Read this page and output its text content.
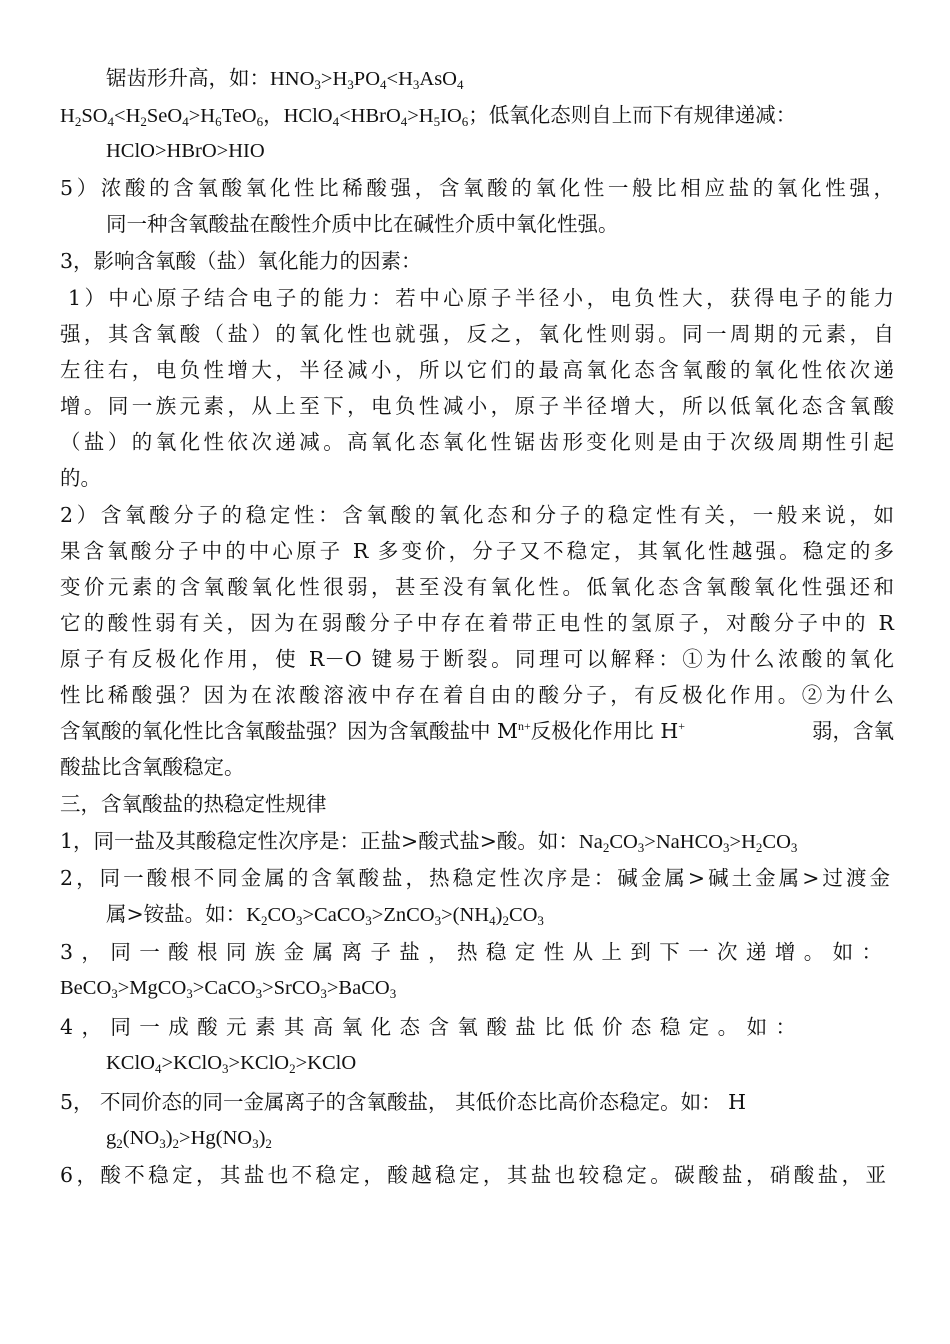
锯齿形升高，如：$HNO_3>H_3PO_4<H_3AsO_4$
$H_2SO_4<H_2SeO_4>H_6TeO_6$，$HClO_4<HBrO_4>H_5IO_6$；低氧化态则自上而下有规律递减：
HClO>HBrO>HIO
5）浓酸的含氧酸氧化性比稀酸强，含氧酸的氧化性一般比相应盐的氧化性强，
同一种含氧酸盐在酸性介质中比在碱性介质中氧化性强。
3，影响含氧酸（盐）氧化能力的因素：
1）中心原子结合电子的能力：若中心原子半径小，电负性大，获得电子的能力
强，其含氧酸（盐）的氧化性也就强，反之，氧化性则弱。同一周期的元素，自
左往右，电负性增大，半径减小，所以它们的最高氧化态含氧酸的氧化性依次递
增。同一族元素，从上至下，电负性减小，原子半径增大，所以低氧化态含氧酸
（盐）的氧化性依次递减。高氧化态氧化性锯齿形变化则是由于次级周期性引起
的。
2）含氧酸分子的稳定性：含氧酸的氧化态和分子的稳定性有关，一般来说，如
果含氧酸分子中的中心原子 R 多变价，分子又不稳定，其氧化性越强。稳定的多
变价元素的含氧酸氧化性很弱，甚至没有氧化性。低氧化态含氧酸氧化性强还和
它的酸性弱有关，因为在弱酸分子中存在着带正电性的氢原子，对酸分子中的 R
原子有反极化作用，使 R－O 键易于断裂。同理可以解释：①为什么浓酸的氧化
性比稀酸强？因为在浓酸溶液中存在着自由的酸分子，有反极化作用。②为什么
含氧酸的氧化性比含氧酸盐强？因为含氧酸盐中 $M^{n+}$反极化作用比 H+	弱，含氧
酸盐比含氧酸稳定。
三，含氧酸盐的热稳定性规律
1，同一盐及其酸稳定性次序是：正盐>酸式盐>酸。如：$Na_2CO_3>NaHCO_3>H_2CO_3$
2，同一酸根不同金属的含氧酸盐，热稳定性次序是：碱金属>碱土金属>过渡金
属>铵盐。如：$K_2CO_3>CaCO_3>ZnCO_3>(NH_4)_2CO_3$
3，同一酸根同族金属离子盐，热稳定性从上到下一次递增。如：
BeCO$_3$>MgCO$_3$>CaCO$_3$>SrCO$_3$>BaCO$_3$
4，同一成酸元素其高氧化态含氧酸盐比低价态稳定。如：
KClO$_4$>KClO$_3$>KClO$_2$>KClO
5， 不同价态的同一金属离子的含氧酸盐， 其低价态比高价态稳定。如： H
$g_2(NO_3)_2>Hg(NO_3)_2$
6，酸不稳定，其盐也不稳定，酸越稳定，其盐也较稳定。碳酸盐，硝酸盐，亚
